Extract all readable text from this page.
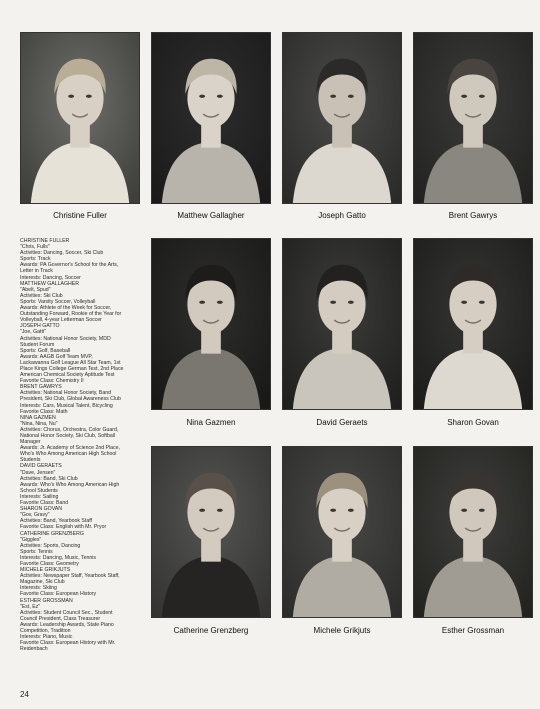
CHRISTINE FULLER

"Chris, Fulls"

Activities: Dancing, Soccer, Ski Club

Sports: Track

Awards: PA Governor's School for the Arts,

Letter in Track

Interests: Dancing, Soccer

MATTHEW GALLAGHER

"Abelt, Spud"

Activities: Ski Club

Sports: Varsity Soccer, Volleyball

Awards: Athlete of the Week for Soccer,

Outstanding Forward, Rookie of the Year for

Volleyball, 4-year Letterman Soccer

JOSEPH GATTO

"Joe, Gatti"

Activities: National Honor Society, MDD

Student Forum

Sports: Golf, Baseball

Awards: AAGB Golf Team MVP,

Lackawanna Golf League All Star Team, 1st

Place Kings College German Test, 2nd Place

American Chemical Society Aptitude Test

Favorite Class: Chemistry II

BRENT GAWRYS

Activities: National Honor Society, Band

President, Ski Club, Global Awareness Club

Interests: Cars, Musical Talent, Bicycling

Favorite Class: Math

NINA GAZMEN

"Nina, Nina, Nu"

Activities: Chorus, Orchestra, Color Guard,

National Honor Society, Ski Club, Softball

Manager

Awards: Jr. Academy of Science 2nd Place,

Who's Who Among American High School

Students

DAVID GERAETS

"Dave, Jensen"

Activities: Band, Ski Club

Awards: Who's Who Among American High

School Students

Interests: Sailing

Favorite Class: Band

SHARON GOVAN

"Gov, Gravy"

Activities: Band, Yearbook Staff

Favorite Class: English with Mr. Pryor

CATHERINE GRENZBERG

"Giggles"

Activities: Sports, Dancing

Sports: Tennis

Interests: Dancing, Music, Tennis

Favorite Class: Geometry

MICHELE GRIKJUTS

Activities: Newspaper Staff, Yearbook Staff,

Magazine, Ski Club

Interests: Skiing

Favorite Class: European History

ESTHER GROSSMAN

"Est, Ez"

Activities: Student Council Sec., Student

Council President, Class Treasurer

Awards: Leadership Awards, State Piano

Competition, Tradition

Interests: Piano, Music

Favorite Class: European History with Mr.

Reidenbach

24
Christine Fuller	Matthew Gallagher	Joseph Gatto	Brent Gawrys
Nina Gazmen	David Geraets	Sharon Govan
Catherine Grenzberg	Michele Grikjuts	Esther Grossman
